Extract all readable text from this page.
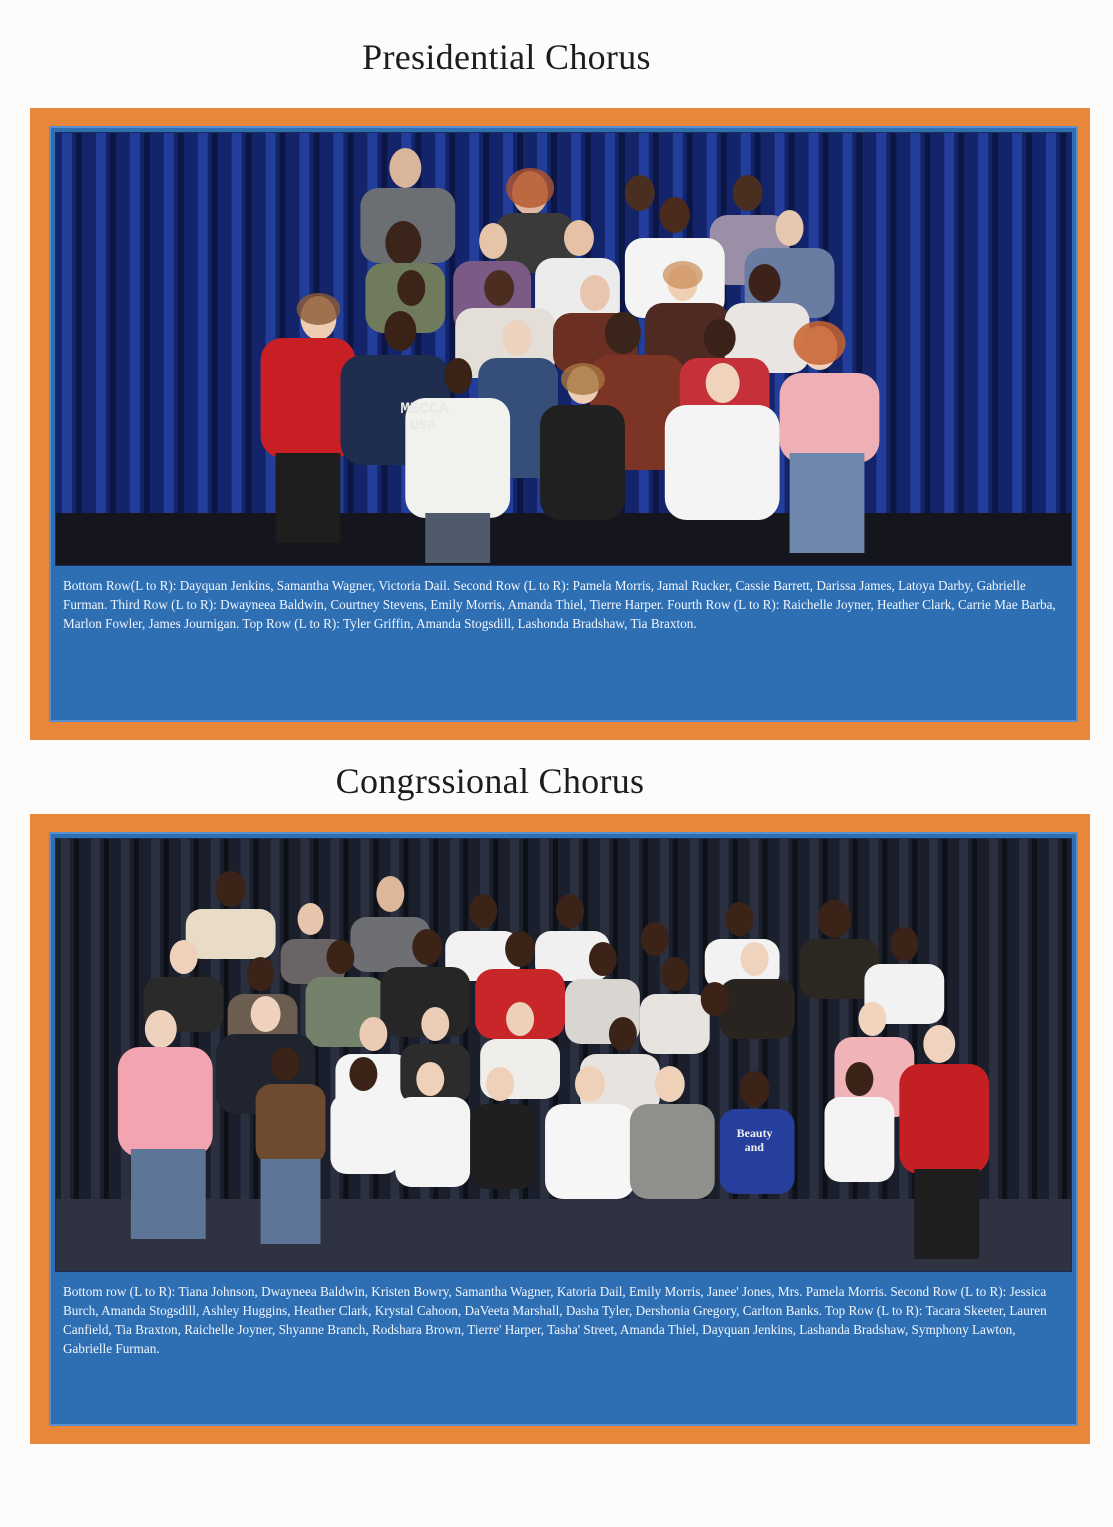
Presidential Chorus
MECCA
USA
Bottom Row(L to R): Dayquan Jenkins, Samantha Wagner, Victoria Dail. Second Row (L to R): Pamela Morris, Jamal Rucker, Cassie Barrett, Darissa James, Latoya Darby, Gabrielle Furman. Third Row (L to R): Dwayneea Baldwin, Courtney Stevens, Emily Morris, Amanda Thiel, Tierre Harper. Fourth Row (L to R): Raichelle Joyner, Heather Clark, Carrie Mae Barba, Marlon Fowler, James Journigan. Top Row (L to R): Tyler Griffin, Amanda Stogsdill, Lashonda Bradshaw, Tia Braxton.
Congrssional Chorus
Beauty
and
Bottom row (L to R): Tiana Johnson, Dwayneea Baldwin, Kristen Bowry, Samantha Wagner, Katoria Dail, Emily Morris, Janee' Jones, Mrs. Pamela Morris. Second Row (L to R): Jessica Burch, Amanda Stogsdill, Ashley Huggins, Heather Clark, Krystal Cahoon, DaVeeta Marshall, Dasha Tyler, Dershonia Gregory, Carlton Banks. Top Row (L to R): Tacara Skeeter, Lauren Canfield, Tia Braxton, Raichelle Joyner, Shyanne Branch, Rodshara Brown, Tierre' Harper, Tasha' Street, Amanda Thiel, Dayquan Jenkins, Lashanda Bradshaw, Symphony Lawton, Gabrielle Furman.
